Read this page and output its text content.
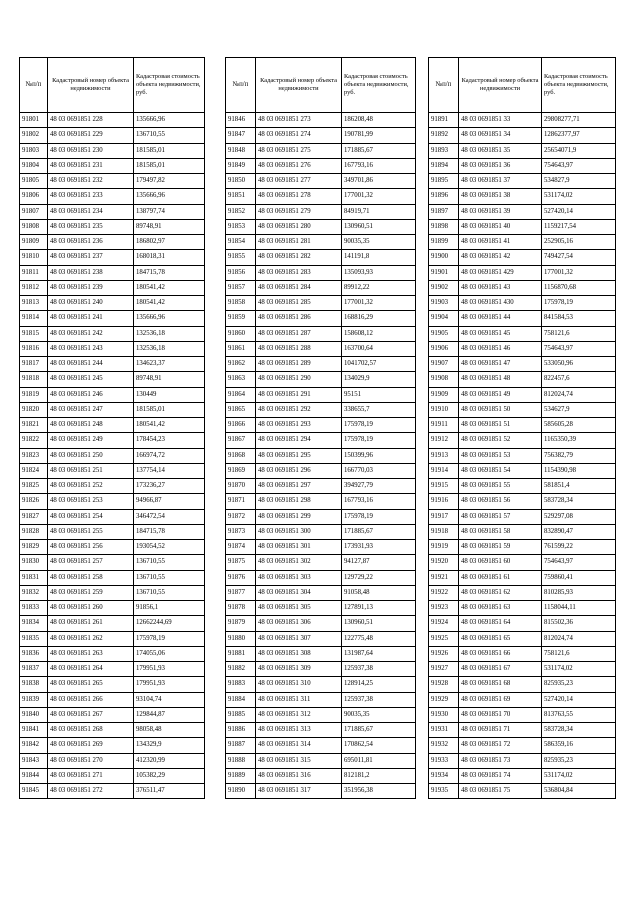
№п/п	Кадастровый номер объекта недвижимости	Кадастровая стоимость объекта недвижимости, руб.
91801	48 03 0691851 228	135666,96
91802	48 03 0691851 229	136710,55
91803	48 03 0691851 230	181585,01
91804	48 03 0691851 231	181585,01
91805	48 03 0691851 232	179497,82
91806	48 03 0691851 233	135666,96
91807	48 03 0691851 234	138797,74
91808	48 03 0691851 235	89748,91
91809	48 03 0691851 236	186802,97
91810	48 03 0691851 237	168018,31
91811	48 03 0691851 238	184715,78
91812	48 03 0691851 239	180541,42
91813	48 03 0691851 240	180541,42
91814	48 03 0691851 241	135666,96
91815	48 03 0691851 242	132536,18
91816	48 03 0691851 243	132536,18
91817	48 03 0691851 244	134623,37
91818	48 03 0691851 245	89748,91
91819	48 03 0691851 246	130449
91820	48 03 0691851 247	181585,01
91821	48 03 0691851 248	180541,42
91822	48 03 0691851 249	178454,23
91823	48 03 0691851 250	166974,72
91824	48 03 0691851 251	137754,14
91825	48 03 0691851 252	173236,27
91826	48 03 0691851 253	94966,87
91827	48 03 0691851 254	346472,54
91828	48 03 0691851 255	184715,78
91829	48 03 0691851 256	193054,52
91830	48 03 0691851 257	136710,55
91831	48 03 0691851 258	136710,55
91832	48 03 0691851 259	136710,55
91833	48 03 0691851 260	91856,1
91834	48 03 0691851 261	12662244,69
91835	48 03 0691851 262	175978,19
91836	48 03 0691851 263	174055,06
91837	48 03 0691851 264	179951,93
91838	48 03 0691851 265	179951,93
91839	48 03 0691851 266	93104,74
91840	48 03 0691851 267	129844,87
91841	48 03 0691851 268	98058,48
91842	48 03 0691851 269	134329,9
91843	48 03 0691851 270	412320,99
91844	48 03 0691851 271	105382,29
91845	48 03 0691851 272	376511,47
№п/п	Кадастровый номер объекта недвижимости	Кадастровая стоимость объекта недвижимости, руб.
91846	48 03 0691851 273	186208,48
91847	48 03 0691851 274	190781,99
91848	48 03 0691851 275	171885,67
91849	48 03 0691851 276	167793,16
91850	48 03 0691851 277	349701,86
91851	48 03 0691851 278	177001,32
91852	48 03 0691851 279	84919,71
91853	48 03 0691851 280	130960,51
91854	48 03 0691851 281	90035,35
91855	48 03 0691851 282	141191,8
91856	48 03 0691851 283	135093,93
91857	48 03 0691851 284	89912,22
91858	48 03 0691851 285	177001,32
91859	48 03 0691851 286	168816,29
91860	48 03 0691851 287	158608,12
91861	48 03 0691851 288	163700,64
91862	48 03 0691851 289	1041702,57
91863	48 03 0691851 290	134029,9
91864	48 03 0691851 291	95151
91865	48 03 0691851 292	338655,7
91866	48 03 0691851 293	175978,19
91867	48 03 0691851 294	175978,19
91868	48 03 0691851 295	150399,96
91869	48 03 0691851 296	166770,03
91870	48 03 0691851 297	394927,79
91871	48 03 0691851 298	167793,16
91872	48 03 0691851 299	175978,19
91873	48 03 0691851 300	171885,67
91874	48 03 0691851 301	173931,93
91875	48 03 0691851 302	94127,87
91876	48 03 0691851 303	129729,22
91877	48 03 0691851 304	91058,48
91878	48 03 0691851 305	127891,13
91879	48 03 0691851 306	130960,51
91880	48 03 0691851 307	122775,48
91881	48 03 0691851 308	131987,64
91882	48 03 0691851 309	125937,38
91883	48 03 0691851 310	128914,25
91884	48 03 0691851 311	125937,38
91885	48 03 0691851 312	90035,35
91886	48 03 0691851 313	171885,67
91887	48 03 0691851 314	170862,54
91888	48 03 0691851 315	695011,81
91889	48 03 0691851 316	812181,2
91890	48 03 0691851 317	351956,38
№п/п	Кадастровый номер объекта недвижимости	Кадастровая стоимость объекта недвижимости, руб.
91891	48 03 0691851 33	29808277,71
91892	48 03 0691851 34	12862377,97
91893	48 03 0691851 35	25654071,9
91894	48 03 0691851 36	754643,97
91895	48 03 0691851 37	534827,9
91896	48 03 0691851 38	531174,02
91897	48 03 0691851 39	527420,14
91898	48 03 0691851 40	1159217,54
91899	48 03 0691851 41	252905,16
91900	48 03 0691851 42	749427,54
91901	48 03 0691851 429	177001,32
91902	48 03 0691851 43	1156870,68
91903	48 03 0691851 430	175978,19
91904	48 03 0691851 44	841584,53
91905	48 03 0691851 45	758121,6
91906	48 03 0691851 46	754643,97
91907	48 03 0691851 47	533050,96
91908	48 03 0691851 48	822457,6
91909	48 03 0691851 49	812024,74
91910	48 03 0691851 50	534627,9
91911	48 03 0691851 51	585605,28
91912	48 03 0691851 52	1165350,39
91913	48 03 0691851 53	756382,79
91914	48 03 0691851 54	1154390,98
91915	48 03 0691851 55	581851,4
91916	48 03 0691851 56	583728,34
91917	48 03 0691851 57	529297,08
91918	48 03 0691851 58	832890,47
91919	48 03 0691851 59	761599,22
91920	48 03 0691851 60	754643,97
91921	48 03 0691851 61	759860,41
91922	48 03 0691851 62	810285,93
91923	48 03 0691851 63	1158044,11
91924	48 03 0691851 64	815502,36
91925	48 03 0691851 65	812024,74
91926	48 03 0691851 66	758121,6
91927	48 03 0691851 67	531174,02
91928	48 03 0691851 68	825935,23
91929	48 03 0691851 69	527420,14
91930	48 03 0691851 70	813763,55
91931	48 03 0691851 71	583728,34
91932	48 03 0691851 72	586359,16
91933	48 03 0691851 73	825935,23
91934	48 03 0691851 74	531174,02
91935	48 03 0691851 75	536804,84
